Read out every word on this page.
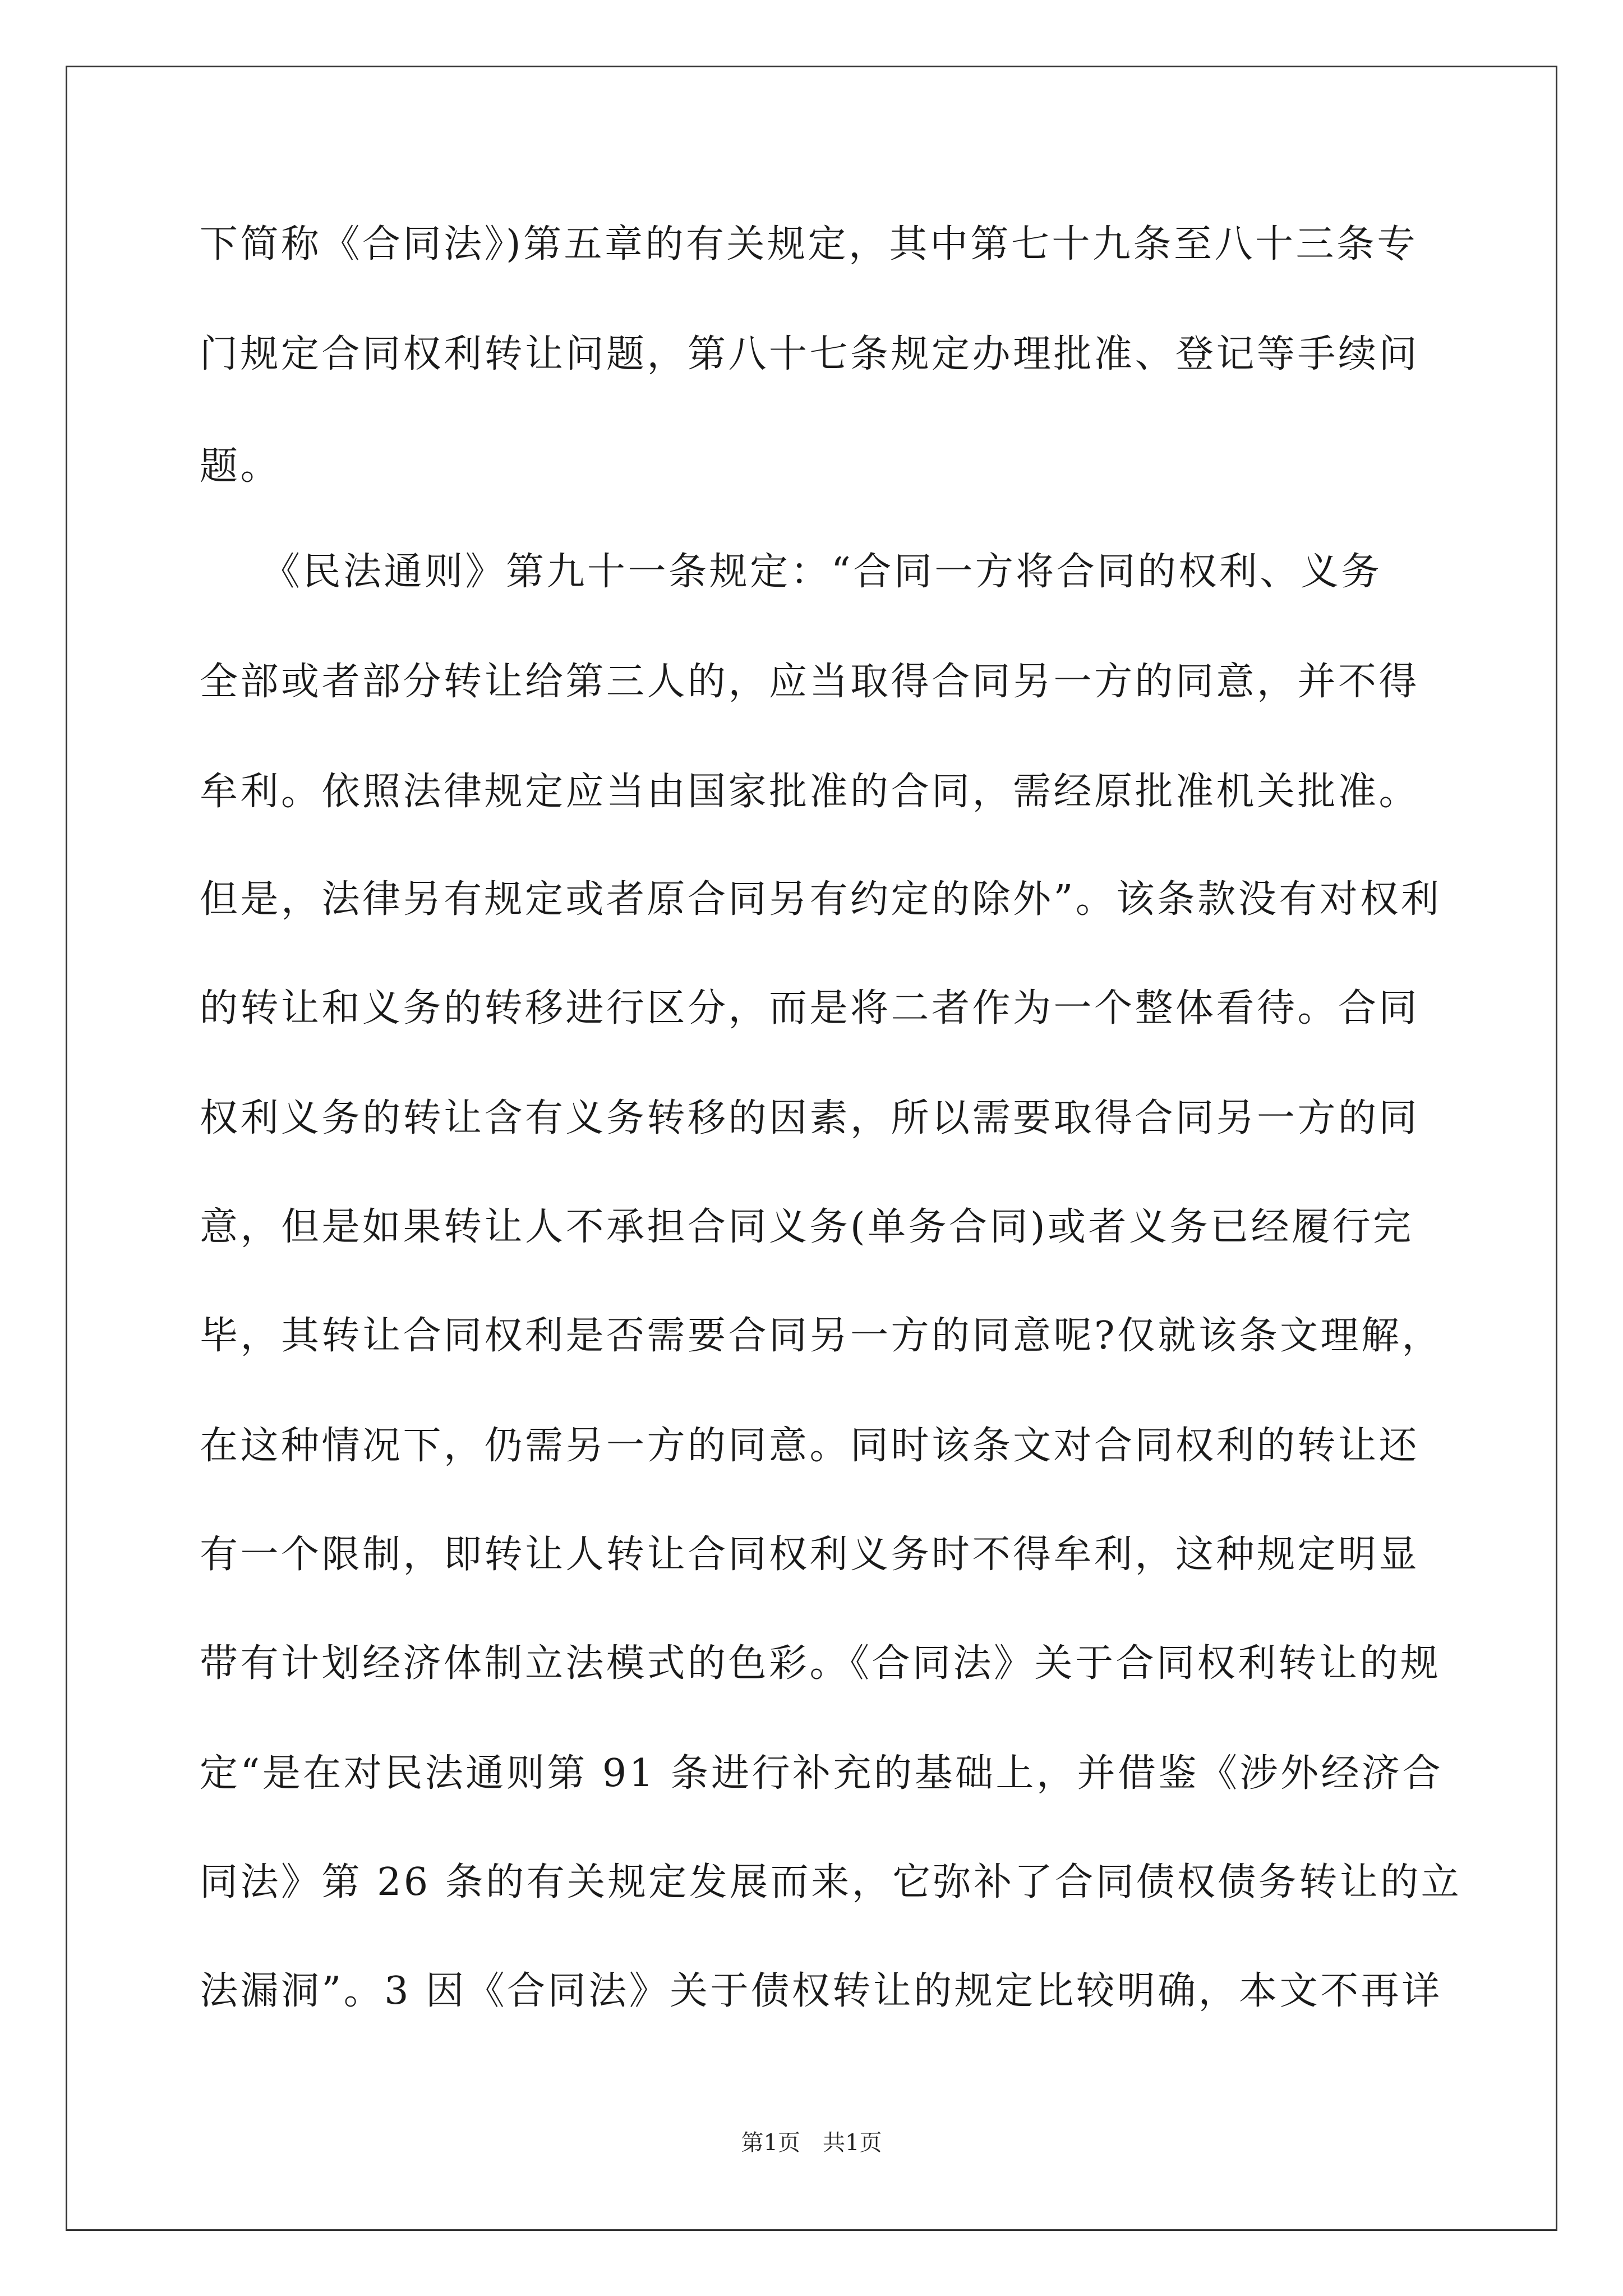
下简称《合同法》)第五章的有关规定，其中第七十九条至八十三条专
门规定合同权利转让问题，第八十七条规定办理批准、登记等手续问
题。
　　《民法通则》第九十一条规定：“合同一方将合同的权利、义务
全部或者部分转让给第三人的，应当取得合同另一方的同意，并不得
牟利。依照法律规定应当由国家批准的合同，需经原批准机关批准。
但是，法律另有规定或者原合同另有约定的除外”。该条款没有对权利
的转让和义务的转移进行区分，而是将二者作为一个整体看待。合同
权利义务的转让含有义务转移的因素，所以需要取得合同另一方的同
意，但是如果转让人不承担合同义务(单务合同)或者义务已经履行完
毕，其转让合同权利是否需要合同另一方的同意呢?仅就该条文理解，
在这种情况下，仍需另一方的同意。同时该条文对合同权利的转让还
有一个限制，即转让人转让合同权利义务时不得牟利，这种规定明显
带有计划经济体制立法模式的色彩。《合同法》关于合同权利转让的规
定“是在对民法通则第 91 条进行补充的基础上，并借鉴《涉外经济合
同法》第 26 条的有关规定发展而来，它弥补了合同债权债务转让的立
法漏洞”。3 因《合同法》关于债权转让的规定比较明确，本文不再详
第1页　共1页
